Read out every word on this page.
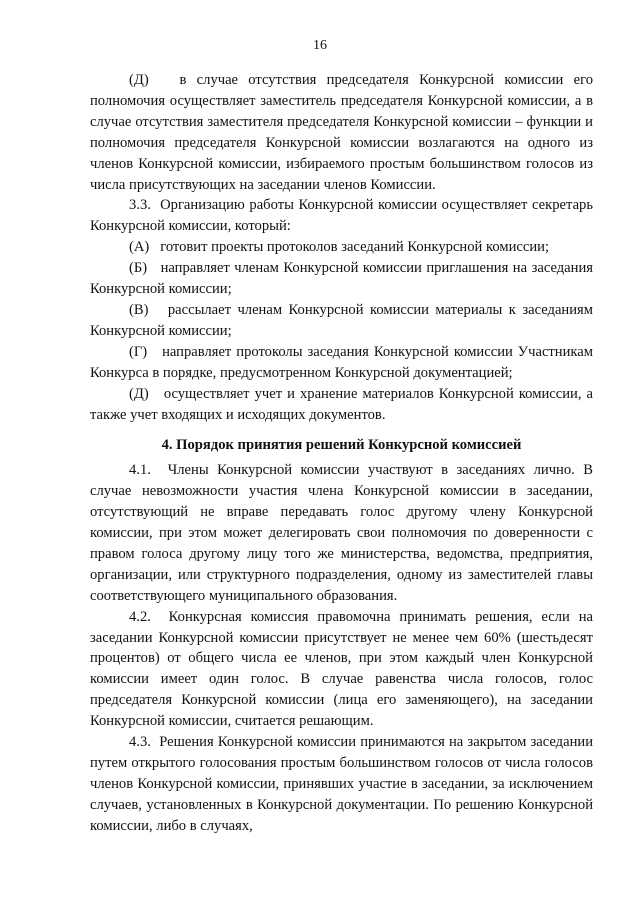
16

(Д)   в случае отсутствия председателя Конкурсной комиссии его полномочия осуществляет заместитель председателя Конкурсной комиссии, а в случае отсутствия заместителя председателя Конкурсной комиссии – функции и полномочия председателя Конкурсной комиссии возлагаются на одного из членов Конкурсной комиссии, избираемого простым большинством голосов из числа присутствующих на заседании членов Комиссии.

3.3.  Организацию работы Конкурсной комиссии осуществляет секретарь Конкурсной комиссии, который:

(А)   готовит проекты протоколов заседаний Конкурсной комиссии;

(Б)   направляет членам Конкурсной комиссии приглашения на заседания Конкурсной комиссии;

(В)   рассылает членам Конкурсной комиссии материалы к заседаниям Конкурсной комиссии;

(Г)   направляет протоколы заседания Конкурсной комиссии Участникам Конкурса в порядке, предусмотренном Конкурсной документацией;

(Д)   осуществляет учет и хранение материалов Конкурсной комиссии, а также учет входящих и исходящих документов.

4. Порядок принятия решений Конкурсной комиссией

4.1.  Члены Конкурсной комиссии участвуют в заседаниях лично. В случае невозможности участия члена Конкурсной комиссии в заседании, отсутствующий не вправе передавать голос другому члену Конкурсной комиссии, при этом может делегировать свои полномочия по доверенности с правом голоса другому лицу того же министерства, ведомства, предприятия, организации, или структурного подразделения, одному из заместителей главы соответствующего муниципального образования.

4.2.  Конкурсная комиссия правомочна принимать решения, если на заседании Конкурсной комиссии присутствует не менее чем 60% (шестьдесят процентов) от общего числа ее членов, при этом каждый член Конкурсной комиссии имеет один голос. В случае равенства числа голосов, голос председателя Конкурсной комиссии (лица его заменяющего), на заседании Конкурсной комиссии, считается решающим.

4.3.  Решения Конкурсной комиссии принимаются на закрытом заседании путем открытого голосования простым большинством голосов от числа голосов членов Конкурсной комиссии, принявших участие в заседании, за исключением случаев, установленных в Конкурсной документации. По решению Конкурсной комиссии, либо в случаях,
